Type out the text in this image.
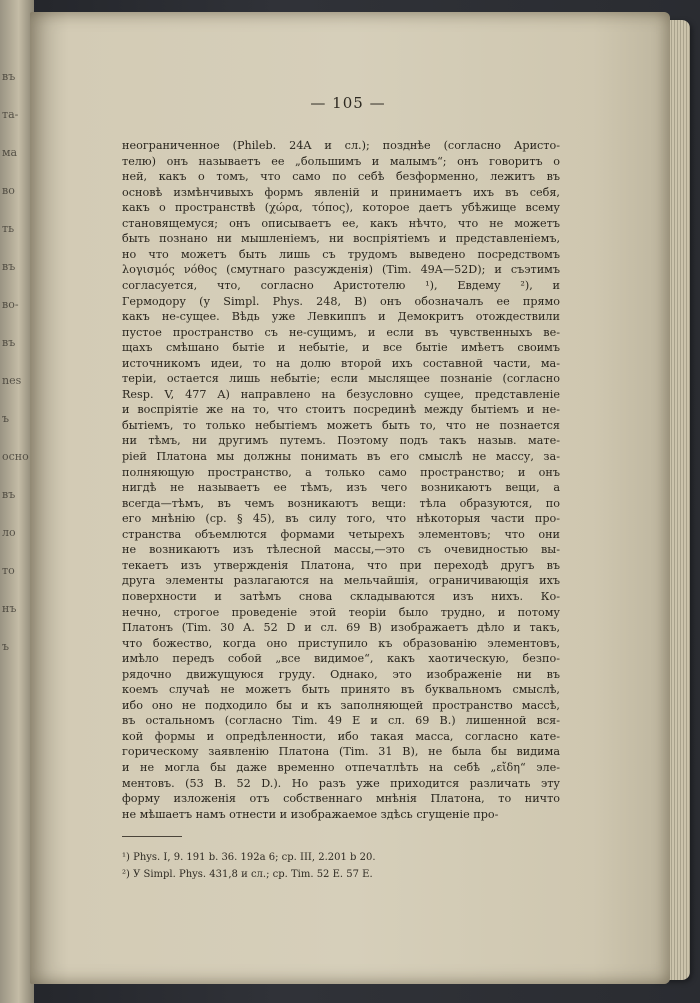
въ
та-
ма
во
ть
въ
во-
въ
nes
ъ
осно
въ
ло
то
нъ
ъ
— 105 —
неограниченное (Phileb. 24A и сл.); позднѣе (согласно Аристо-
телю) онъ называетъ ее „большимъ и малымъ“; онъ говоритъ о
ней, какъ о томъ, что само по себѣ безформенно, лежитъ въ
основѣ измѣнчивыхъ формъ явленій и принимаетъ ихъ въ себя,
какъ о пространствѣ (χώρα, τόπος), которое даетъ убѣжище всему
становящемуся; онъ описываетъ ее, какъ нѣчто, что не можетъ
быть познано ни мышленіемъ, ни воспріятіемъ и представленіемъ,
но что можетъ быть лишь съ трудомъ выведено посредствомъ
λογισμός νόθος (смутнаго разсужденія) (Tim. 49A—52D); и съэтимъ
согласуется, что, согласно Аристотелю ¹), Евдему ²), и
Гермодору (у Simpl. Phys. 248, B) онъ обозначалъ ее прямо
какъ не-сущее. Вѣдь уже Левкиппъ и Демокритъ отождествили
пустое пространство съ не-сущимъ, и если въ чувственныхъ ве-
щахъ смѣшано бытіе и небытіе, и все бытіе имѣетъ своимъ
источникомъ идеи, то на долю второй ихъ составной части, ма-
теріи, остается лишь небытіе; если мыслящее познаніе (согласно
Resp. V, 477 A) направлено на безусловно сущее, представленіе
и воспріятіе же на то, что стоитъ посрединѣ между бытіемъ и не-
бытіемъ, то только небытіемъ можетъ быть то, что не познается
ни тѣмъ, ни другимъ путемъ. Поэтому подъ такъ назыв. мате-
ріей Платона мы должны понимать въ его смыслѣ не массу, за-
полняющую пространство, а только само пространство; и онъ
нигдѣ не называетъ ее тѣмъ, изъ чего возникаютъ вещи, а
всегда—тѣмъ, въ чемъ возникаютъ вещи: тѣла образуются, по
его мнѣнію (ср. § 45), въ силу того, что нѣкоторыя части про-
странства объемлются формами четырехъ элементовъ; что они
не возникаютъ изъ тѣлесной массы,—это съ очевидностью вы-
текаетъ изъ утвержденія Платона, что при переходѣ другъ въ
друга элементы разлагаются на мельчайшія, ограничивающія ихъ
поверхности и затѣмъ снова складываются изъ нихъ. Ко-
нечно, строгое проведеніе этой теоріи было трудно, и потому
Платонъ (Tim. 30 A. 52 D и сл. 69 B) изображаетъ дѣло и такъ,
что божество, когда оно приступило къ образованію элементовъ,
имѣло передъ собой „все видимое“, какъ хаотическую, безпо-
рядочно движущуюся груду. Однако, это изображеніе ни въ
коемъ случаѣ не можетъ быть принято въ буквальномъ смыслѣ,
ибо оно не подходило бы и къ заполняющей пространство массѣ,
въ остальномъ (согласно Tim. 49 E и сл. 69 B.) лишенной вся-
кой формы и опредѣленности, ибо такая масса, согласно кате-
горическому заявленію Платона (Tim. 31 B), не была бы видима
и не могла бы даже временно отпечатлѣть на себѣ „εἴδη“ эле-
ментовъ. (53 B. 52 D.). Но разъ уже приходится различать эту
форму изложенія отъ собственнаго мнѣнія Платона, то ничто
не мѣшаетъ намъ отнести и изображаемое здѣсь сгущеніе про-
¹) Phys. I, 9. 191 b. 36. 192a 6; ср. III, 2.201 b 20.
²) У Simpl. Phys. 431,8 и сл.; ср. Tim. 52 E. 57 E.
